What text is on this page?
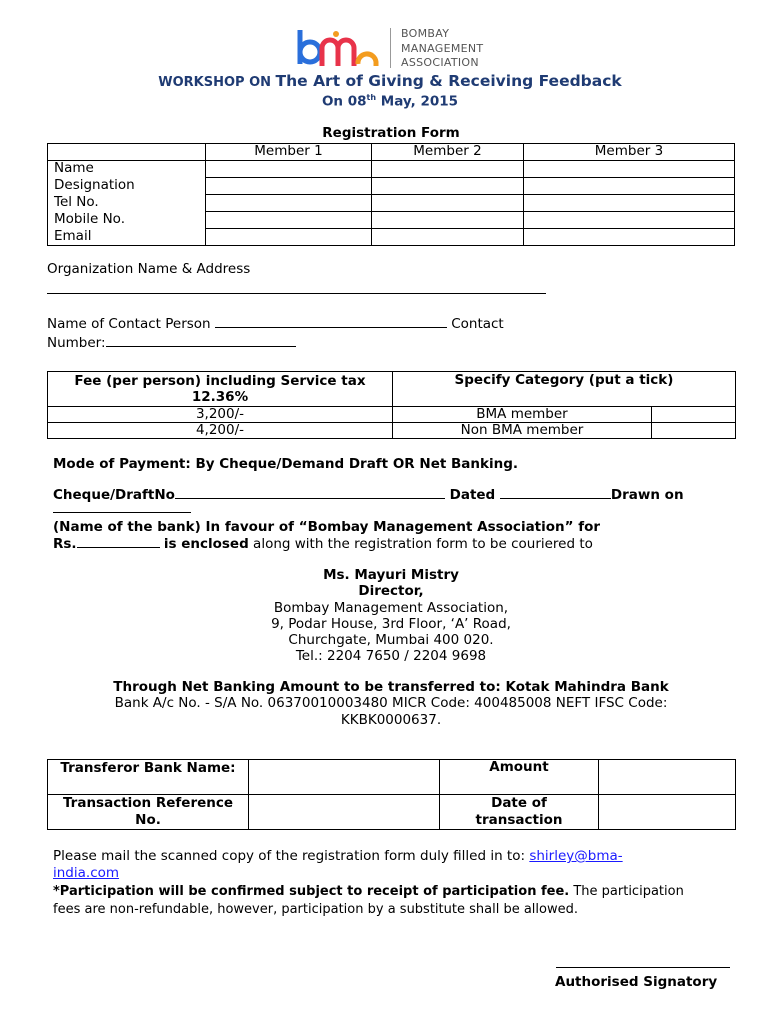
BOMBAY
MANAGEMENT
ASSOCIATION
WORKSHOP ON The Art of Giving & Receiving Feedback
On 08th May, 2015
Registration Form
	Member 1	Member 2	Member 3
Name			
Designation			
Tel No.			
Mobile No.			
Email			
Organization Name & Address
Name of Contact Person	Contact
Number:
Fee (per person) including Service tax 12.36%	Specify Category (put a tick)	
3,200/-	BMA member	
4,200/-	Non BMA member	
Mode of Payment: By Cheque/Demand Draft OR Net Banking.
Cheque/DraftNo	Dated	Drawn on
(Name of the bank) In favour of “Bombay Management Association” for
Rs.	is enclosed along with the registration form to be couriered to
Ms. Mayuri Mistry
Director,
Bombay Management Association,
9, Podar House, 3rd Floor, ‘A’ Road,
Churchgate, Mumbai 400 020.
Tel.: 2204 7650 / 2204 9698
Through Net Banking Amount to be transferred to: Kotak Mahindra Bank
Bank A/c No. - S/A No. 06370010003480 MICR Code: 400485008 NEFT IFSC Code:
KKBK0000637.
Transferor Bank Name:		Amount	
Transaction Reference No.		Date of transaction	
Please mail the scanned copy of the registration form duly filled in to: shirley@bma-
india.com
*Participation will be confirmed subject to receipt of participation fee. The participation
fees are non-refundable, however, participation by a substitute shall be allowed.
Authorised Signatory
